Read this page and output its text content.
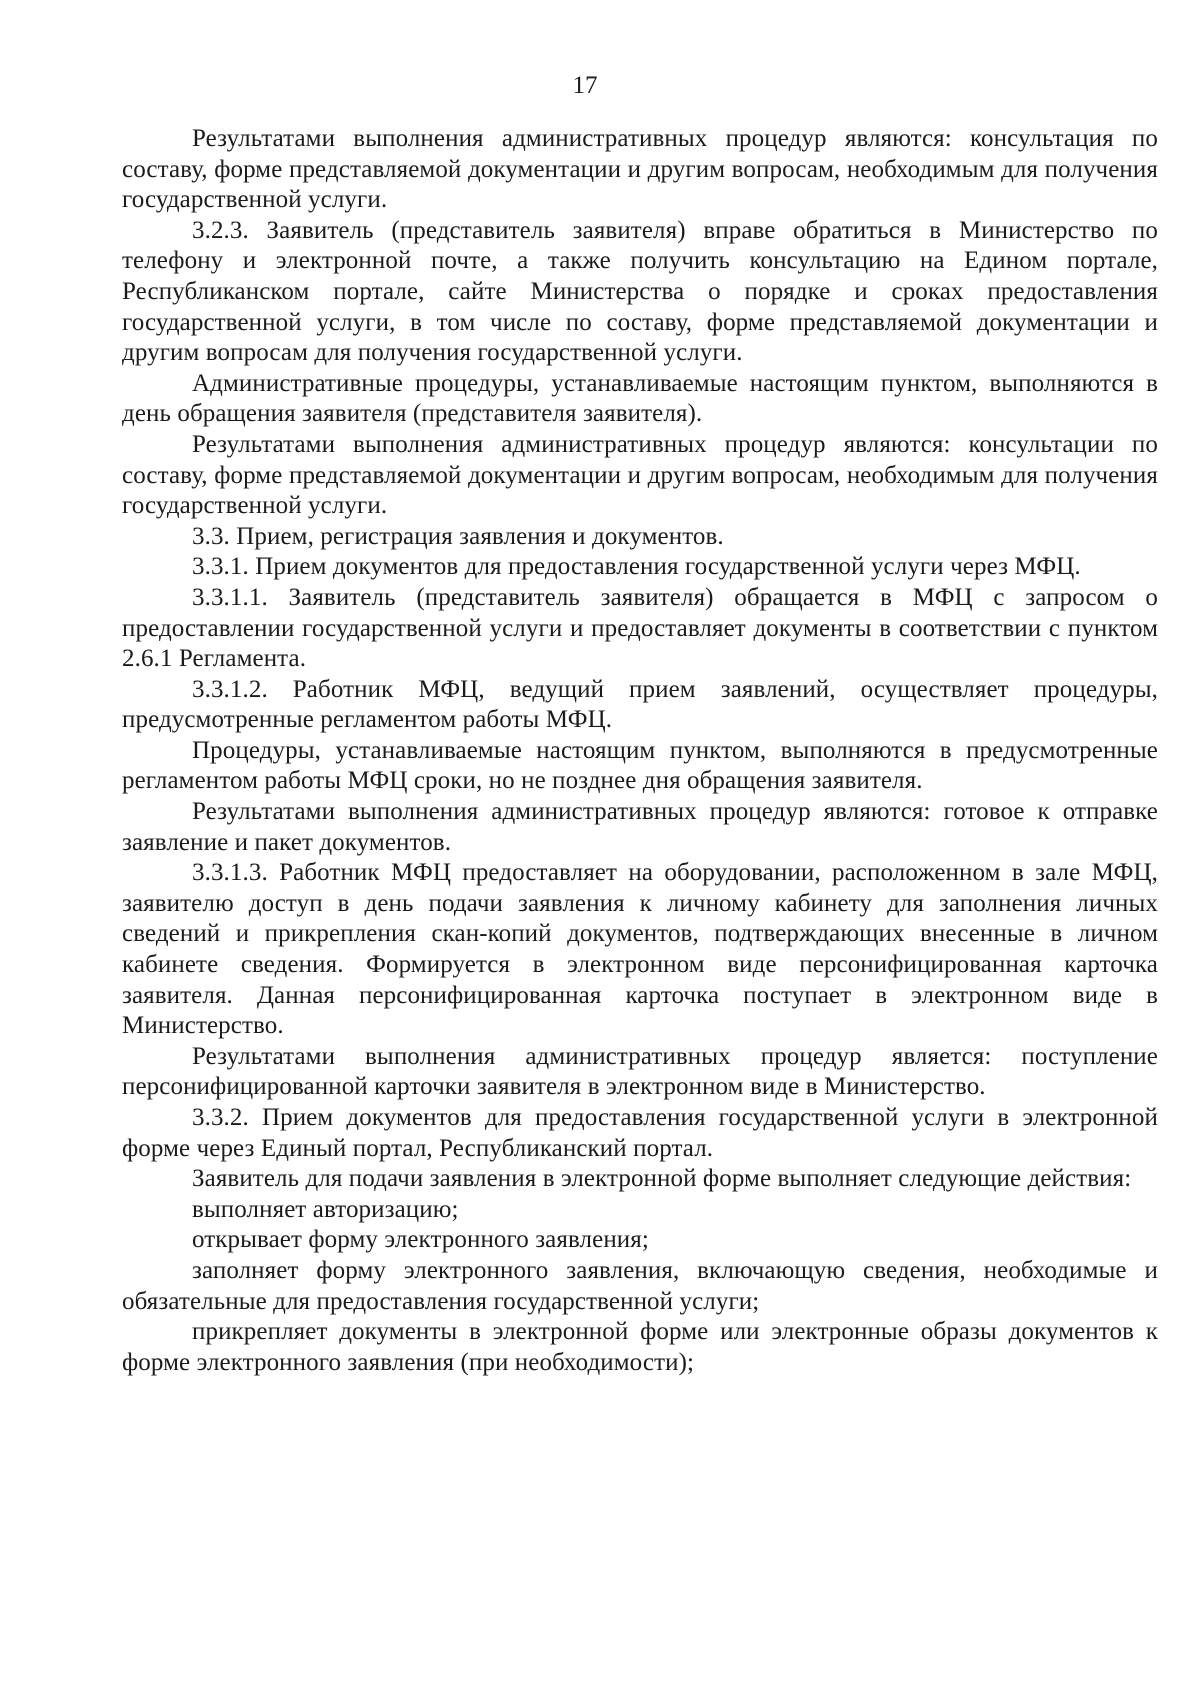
17

Результатами выполнения административных процедур являются: консультация по составу, форме представляемой документации и другим вопросам, необходимым для получения государственной услуги.

3.2.3. Заявитель (представитель заявителя) вправе обратиться в Министерство по телефону и электронной почте, а также получить консультацию на Едином портале, Республиканском портале, сайте Министерства о порядке и сроках предоставления государственной услуги, в том числе по составу, форме представляемой документации и другим вопросам для получения государственной услуги.

Административные процедуры, устанавливаемые настоящим пунктом, выполняются в день обращения заявителя (представителя заявителя).

Результатами выполнения административных процедур являются: консультации по составу, форме представляемой документации и другим вопросам, необходимым для получения государственной услуги.

3.3. Прием, регистрация заявления и документов.

3.3.1. Прием документов для предоставления государственной услуги через МФЦ.

3.3.1.1. Заявитель (представитель заявителя) обращается в МФЦ с запросом о предоставлении государственной услуги и предоставляет документы в соответствии с пунктом 2.6.1 Регламента.

3.3.1.2. Работник МФЦ, ведущий прием заявлений, осуществляет процедуры, предусмотренные регламентом работы МФЦ.

Процедуры, устанавливаемые настоящим пунктом, выполняются в предусмотренные регламентом работы МФЦ сроки, но не позднее дня обращения заявителя.

Результатами выполнения административных процедур являются: готовое к отправке заявление и пакет документов.

3.3.1.3. Работник МФЦ предоставляет на оборудовании, расположенном в зале МФЦ, заявителю доступ в день подачи заявления к личному кабинету для заполнения личных сведений и прикрепления скан-копий документов, подтверждающих внесенные в личном кабинете сведения. Формируется в электронном виде персонифицированная карточка заявителя. Данная персонифицированная карточка поступает в электронном виде в Министерство.

Результатами выполнения административных процедур является: поступление персонифицированной карточки заявителя в электронном виде в Министерство.

3.3.2. Прием документов для предоставления государственной услуги в электронной форме через Единый портал, Республиканский портал.

Заявитель для подачи заявления в электронной форме выполняет следующие действия:

выполняет авторизацию;

открывает форму электронного заявления;

заполняет форму электронного заявления, включающую сведения, необходимые и обязательные для предоставления государственной услуги;

прикрепляет документы в электронной форме или электронные образы документов к форме электронного заявления (при необходимости);
